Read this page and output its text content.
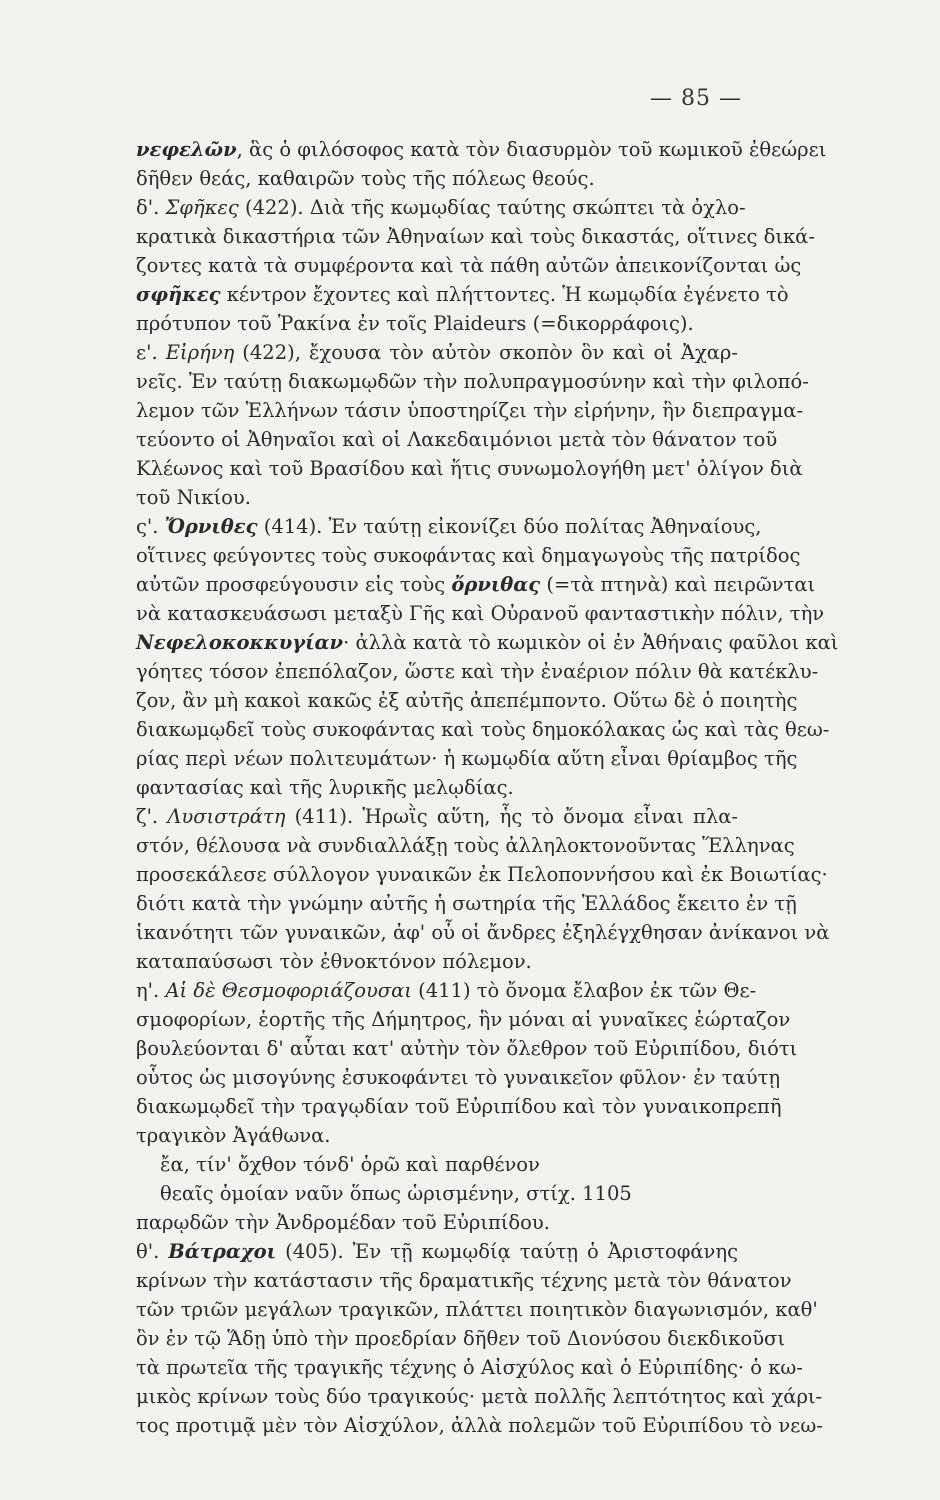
— 85 —
νεφελῶν, ἃς ὁ φιλόσοφος κατὰ τὸν διασυρμὸν τοῦ κωμικοῦ ἐθεώρει
δῆθεν θεάς, καθαιρῶν τοὺς τῆς πόλεως θεούς.
δ'. Σφῆκες (422). Διὰ τῆς κωμῳδίας ταύτης σκώπτει τὰ ὀχλο-
κρατικὰ δικαστήρια τῶν Ἀθηναίων καὶ τοὺς δικαστάς, οἵτινες δικά-
ζοντες κατὰ τὰ συμφέροντα καὶ τὰ πάθη αὐτῶν ἀπεικονίζονται ὡς
σφῆκες κέντρον ἔχοντες καὶ πλήττοντες. Ἡ κωμῳδία ἐγένετο τὸ
πρότυπον τοῦ Ῥακίνα ἐν τοῖς Plaideurs (=δικορράφοις).
ε'. Εἰρήνη (422), ἔχουσα τὸν αὐτὸν σκοπὸν ὃν καὶ οἱ Ἀχαρ-
νεῖς. Ἐν ταύτῃ διακωμῳδῶν τὴν πολυπραγμοσύνην καὶ τὴν φιλοπό-
λεμον τῶν Ἑλλήνων τάσιν ὑποστηρίζει τὴν εἰρήνην, ἣν διεπραγμα-
τεύοντο οἱ Ἀθηναῖοι καὶ οἱ Λακεδαιμόνιοι μετὰ τὸν θάνατον τοῦ
Κλέωνος καὶ τοῦ Βρασίδου καὶ ἥτις συνωμολογήθη μετ' ὀλίγον διὰ
τοῦ Νικίου.
ς'. Ὄρνιθες (414). Ἐν ταύτῃ εἰκονίζει δύο πολίτας Ἀθηναίους,
οἵτινες φεύγοντες τοὺς συκοφάντας καὶ δημαγωγοὺς τῆς πατρίδος
αὐτῶν προσφεύγουσιν εἰς τοὺς ὄρνιθας (=τὰ πτηνὰ) καὶ πειρῶνται
νὰ κατασκευάσωσι μεταξὺ Γῆς καὶ Οὐρανοῦ φανταστικὴν πόλιν, τὴν
Νεφελοκοκκυγίαν· ἀλλὰ κατὰ τὸ κωμικὸν οἱ ἐν Ἀθήναις φαῦλοι καὶ
γόητες τόσον ἐπεπόλαζον, ὥστε καὶ τὴν ἐναέριον πόλιν θὰ κατέκλυ-
ζον, ἂν μὴ κακοὶ κακῶς ἐξ αὐτῆς ἀπεπέμποντο. Οὕτω δὲ ὁ ποιητὴς
διακωμῳδεῖ τοὺς συκοφάντας καὶ τοὺς δημοκόλακας ὡς καὶ τὰς θεω-
ρίας περὶ νέων πολιτευμάτων· ἡ κωμῳδία αὕτη εἶναι θρίαμβος τῆς
φαντασίας καὶ τῆς λυρικῆς μελῳδίας.
ζ'. Λυσιστράτη (411). Ἡρωῒς αὕτη, ἧς τὸ ὄνομα εἶναι πλα-
στόν, θέλουσα νὰ συνδιαλλάξῃ τοὺς ἀλληλοκτονοῦντας Ἕλληνας
προσεκάλεσε σύλλογον γυναικῶν ἐκ Πελοποννήσου καὶ ἐκ Βοιωτίας·
διότι κατὰ τὴν γνώμην αὐτῆς ἡ σωτηρία τῆς Ἑλλάδος ἔκειτο ἐν τῇ
ἱκανότητι τῶν γυναικῶν, ἀφ' οὗ οἱ ἄνδρες ἐξηλέγχθησαν ἀνίκανοι νὰ
καταπαύσωσι τὸν ἐθνοκτόνον πόλεμον.
η'. Αἱ δὲ Θεσμοφοριάζουσαι (411) τὸ ὄνομα ἔλαβον ἐκ τῶν Θε-
σμοφορίων, ἑορτῆς τῆς Δήμητρος, ἣν μόναι αἱ γυναῖκες ἑώρταζον
βουλεύονται δ' αὗται κατ' αὐτὴν τὸν ὄλεθρον τοῦ Εὐριπίδου, διότι
οὗτος ὡς μισογύνης ἐσυκοφάντει τὸ γυναικεῖον φῦλον· ἐν ταύτῃ
διακωμῳδεῖ τὴν τραγῳδίαν τοῦ Εὐριπίδου καὶ τὸν γυναικοπρεπῆ
τραγικὸν Ἀγάθωνα.
ἔα, τίν' ὄχθον τόνδ' ὁρῶ καὶ παρθένον
θεαῖς ὁμοίαν ναῦν ὅπως ὡρισμένην, στίχ. 1105
παρῳδῶν τὴν Ἀνδρομέδαν τοῦ Εὐριπίδου.
θ'. Βάτραχοι (405). Ἐν τῇ κωμῳδίᾳ ταύτῃ ὁ Ἀριστοφάνης
κρίνων τὴν κατάστασιν τῆς δραματικῆς τέχνης μετὰ τὸν θάνατον
τῶν τριῶν μεγάλων τραγικῶν, πλάττει ποιητικὸν διαγωνισμόν, καθ'
ὃν ἐν τῷ Ἅδῃ ὑπὸ τὴν προεδρίαν δῆθεν τοῦ Διονύσου διεκδικοῦσι
τὰ πρωτεῖα τῆς τραγικῆς τέχνης ὁ Αἰσχύλος καὶ ὁ Εὐριπίδης· ὁ κω-
μικὸς κρίνων τοὺς δύο τραγικούς· μετὰ πολλῆς λεπτότητος καὶ χάρι-
τος προτιμᾷ μὲν τὸν Αἰσχύλον, ἀλλὰ πολεμῶν τοῦ Εὐριπίδου τὸ νεω-
